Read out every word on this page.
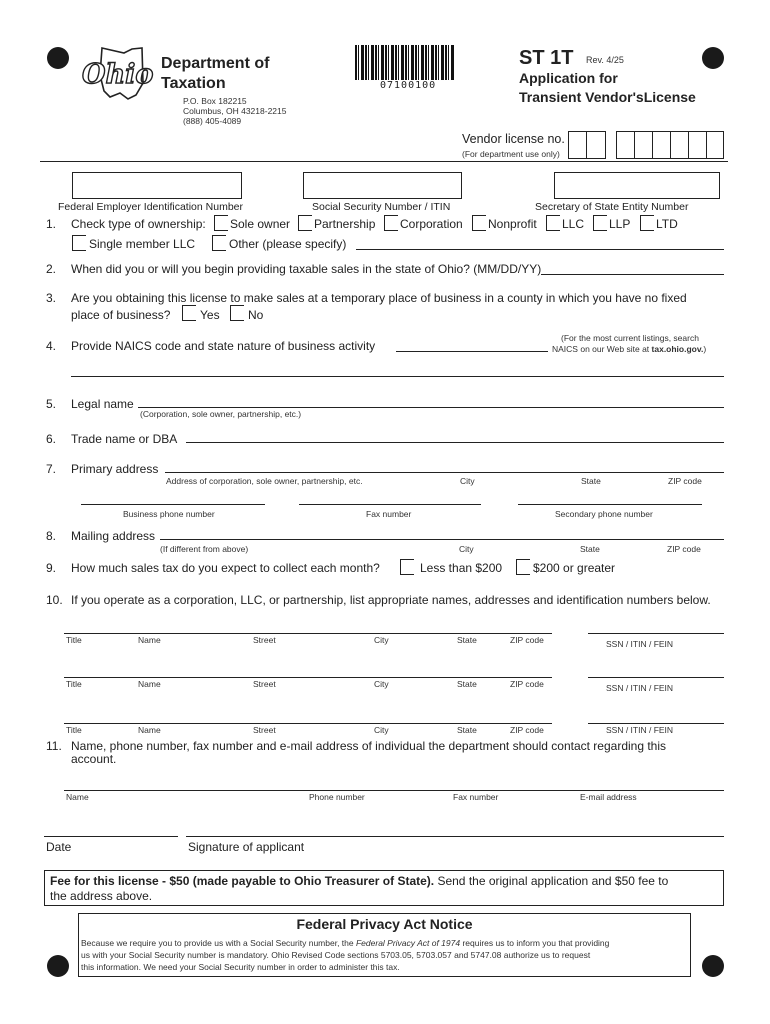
Ohio Department of
Taxation
P.O. Box 182215
Columbus, OH 43218-2215
(888) 405-4089
07100100
ST 1T Rev. 4/25
Application for
Transient Vendor'sLicense
Vendor license no.
(For department use only)
Federal Employer Identification Number	Social Security Number / ITIN	Secretary of State Entity Number
1. Check type of ownership: Sole owner Partnership Corporation Nonprofit LLC LLP LTD
Single member LLC	Other (please specify)
2. When did you or will you begin providing taxable sales in the state of Ohio? (MM/DD/YY)
3. Are you obtaining this license to make sales at a temporary place of business in a county in which you have no fixed
place of business? Yes No
4. Provide NAICS code and state nature of business activity
(For the most current listings, search
NAICS on our Web site at tax.ohio.gov.)
5. Legal name
(Corporation, sole owner, partnership, etc.)
6. Trade name or DBA
7. Primary address
Address of corporation, sole owner, partnership, etc.	City	State	ZIP code
Business phone number	Fax number	Secondary phone number
8. Mailing address
(If different from above)	City	State	ZIP code
9. How much sales tax do you expect to collect each month?	Less than $200	$200 or greater
10. If you operate as a corporation, LLC, or partnership, list appropriate names, addresses and identification numbers below.
Title	Name	Street	City	State	ZIP code	SSN / ITIN / FEIN
Title	Name	Street	City	State	ZIP code	SSN / ITIN / FEIN
Title	Name	Street	City	State	ZIP code	SSN / ITIN / FEIN
11. Name, phone number, fax number and e-mail address of individual the department should contact regarding this
account.
Name	Phone number	Fax number	E-mail address
Date	Signature of applicant
Fee for this license - $50 (made payable to Ohio Treasurer of State). Send the original application and $50 fee to
the address above.
Federal Privacy Act Notice
Because we require you to provide us with a Social Security number, the Federal Privacy Act of 1974 requires us to inform you that providing
us with your Social Security number is mandatory. Ohio Revised Code sections 5703.05, 5703.057 and 5747.08 authorize us to request
this information. We need your Social Security number in order to administer this tax.
